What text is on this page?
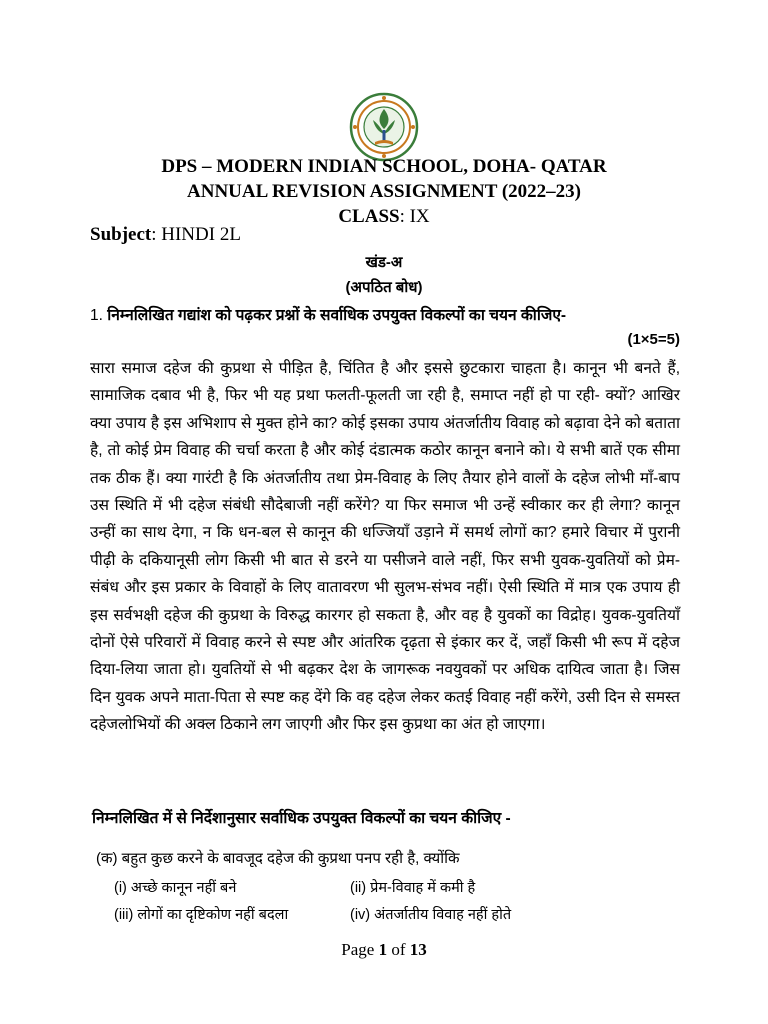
DPS – MODERN INDIAN SCHOOL, DOHA- QATAR
ANNUAL REVISION ASSIGNMENT (2022–23)
CLASS: IX
Subject: HINDI 2L
खंड-अ
(अपठित बोध)
1. निम्नलिखित गद्यांश को पढ़कर प्रश्नों के सर्वाधिक उपयुक्त विकल्पों का चयन कीजिए-
(1×5=5)

सारा समाज दहेज की कुप्रथा से पीड़ित है, चिंतित है और इससे छुटकारा चाहता है। कानून भी बनते हैं, सामाजिक दबाव भी है, फिर भी यह प्रथा फलती-फूलती जा रही है, समाप्त नहीं हो पा रही- क्यों? आखिर क्या उपाय है इस अभिशाप से मुक्त होने का? कोई इसका उपाय अंतर्जातीय विवाह को बढ़ावा देने को बताता है, तो कोई प्रेम विवाह की चर्चा करता है और कोई दंडात्मक कठोर कानून बनाने को। ये सभी बातें एक सीमा तक ठीक हैं। क्या गारंटी है कि अंतर्जातीय तथा प्रेम-विवाह के लिए तैयार होने वालों के दहेज लोभी माँ-बाप उस स्थिति में भी दहेज संबंधी सौदेबाजी नहीं करेंगे? या फिर समाज भी उन्हें स्वीकार कर ही लेगा? कानून उन्हीं का साथ देगा, न कि धन-बल से कानून की धज्जियाँ उड़ाने में समर्थ लोगों का? हमारे विचार में पुरानी पीढ़ी के दकियानूसी लोग किसी भी बात से डरने या पसीजने वाले नहीं, फिर सभी युवक-युवतियों को प्रेम-संबंध और इस प्रकार के विवाहों के लिए वातावरण भी सुलभ-संभव नहीं। ऐसी स्थिति में मात्र एक उपाय ही इस सर्वभक्षी दहेज की कुप्रथा के विरुद्ध कारगर हो सकता है, और वह है युवकों का विद्रोह। युवक-युवतियाँ दोनों ऐसे परिवारों में विवाह करने से स्पष्ट और आंतरिक दृढ़ता से इंकार कर दें, जहाँ किसी भी रूप में दहेज दिया-लिया जाता हो। युवतियों से भी बढ़कर देश के जागरूक नवयुवकों पर अधिक दायित्व जाता है। जिस दिन युवक अपने माता-पिता से स्पष्ट कह देंगे कि वह दहेज लेकर कतई विवाह नहीं करेंगे, उसी दिन से समस्त दहेजलोभियों की अक्ल ठिकाने लग जाएगी और फिर इस कुप्रथा का अंत हो जाएगा।

निम्नलिखित में से निर्देशानुसार सर्वाधिक उपयुक्त विकल्पों का चयन कीजिए -
(क) बहुत कुछ करने के बावजूद दहेज की कुप्रथा पनप रही है, क्योंकि
(i) अच्छे कानून नहीं बने	(ii) प्रेम-विवाह में कमी है
(iii) लोगों का दृष्टिकोण नहीं बदला	(iv) अंतर्जातीय विवाह नहीं होते
Page 1 of 13
